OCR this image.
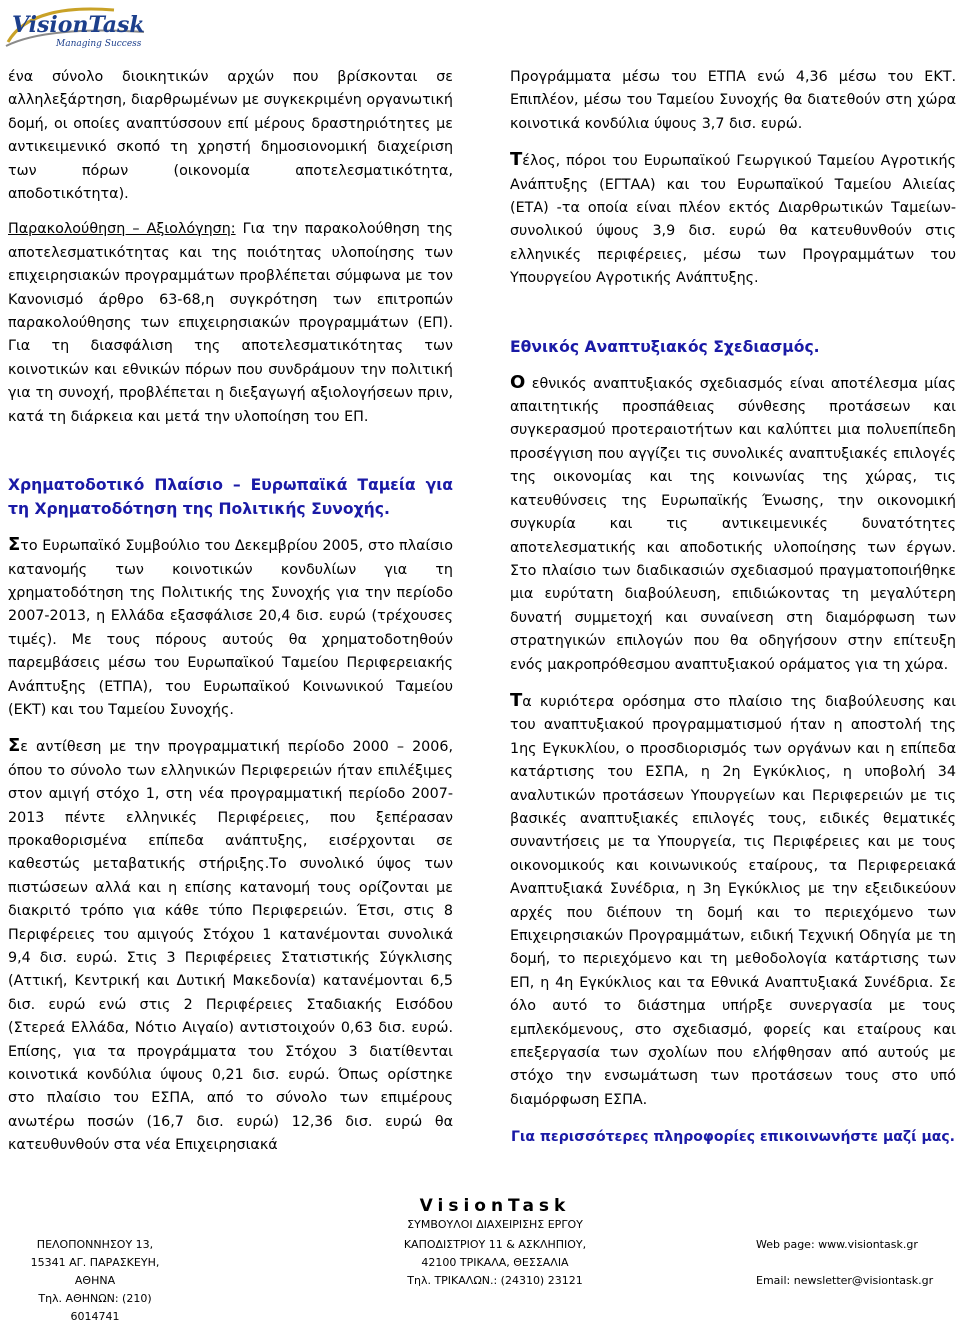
VisionTask
Managing Success

ένα σύνολο διοικητικών αρχών που βρίσκονται σε αλληλεξάρτηση, διαρθρωμένων με συγκεκριμένη οργανωτική δομή, οι οποίες αναπτύσσουν επί μέρους δραστηριότητες με αντικειμενικό σκοπό τη χρηστή δημοσιονομική διαχείριση των πόρων (οικονομία αποτελεσματικότητα, αποδοτικότητα).

Παρακολούθηση – Αξιολόγηση: Για την παρακολούθηση της αποτελεσματικότητας και της ποιότητας υλοποίησης των επιχειρησιακών προγραμμάτων προβλέπεται σύμφωνα με τον Κανονισμό άρθρο 63-68,η συγκρότηση των επιτροπών παρακολούθησης των επιχειρησιακών προγραμμάτων (ΕΠ). Για τη διασφάλιση της αποτελεσματικότητας των κοινοτικών και εθνικών πόρων που συνδράμουν την πολιτική για τη συνοχή, προβλέπεται η διεξαγωγή αξιολογήσεων πριν, κατά τη διάρκεια και μετά την υλοποίηση του ΕΠ.

Χρηματοδοτικό Πλαίσιο – Ευρωπαϊκά Ταμεία για τη Χρηματοδότηση της Πολιτικής Συνοχής.

Στο Ευρωπαϊκό Συμβούλιο του Δεκεμβρίου 2005, στο πλαίσιο κατανομής των κοινοτικών κονδυλίων για τη χρηματοδότηση της Πολιτικής της Συνοχής για την περίοδο 2007-2013, η Ελλάδα εξασφάλισε 20,4 δισ. ευρώ (τρέχουσες τιμές). Με τους πόρους αυτούς θα χρηματοδοτηθούν παρεμβάσεις μέσω του Ευρωπαϊκού Ταμείου Περιφερειακής Ανάπτυξης (ΕΤΠΑ), του Ευρωπαϊκού Κοινωνικού Ταμείου (ΕΚΤ) και του Ταμείου Συνοχής.

Σε αντίθεση με την προγραμματική περίοδο 2000 – 2006, όπου το σύνολο των ελληνικών Περιφερειών ήταν επιλέξιμες στον αμιγή στόχο 1, στη νέα προγραμματική περίοδο 2007-2013 πέντε ελληνικές Περιφέρειες, που ξεπέρασαν προκαθορισμένα επίπεδα ανάπτυξης, εισέρχονται σε καθεστώς μεταβατικής στήριξης.Το συνολικό ύψος των πιστώσεων αλλά και η επίσης κατανομή τους ορίζονται με διακριτό τρόπο για κάθε τύπο Περιφερειών. Έτσι, στις 8 Περιφέρειες του αμιγούς Στόχου 1 κατανέμονται συνολικά 9,4 δισ. ευρώ. Στις 3 Περιφέρειες Στατιστικής Σύγκλισης (Αττική, Κεντρική και Δυτική Μακεδονία) κατανέμονται 6,5 δισ. ευρώ ενώ στις 2 Περιφέρειες Σταδιακής Εισόδου (Στερεά Ελλάδα, Νότιο Αιγαίο) αντιστοιχούν 0,63 δισ. ευρώ. Επίσης, για τα προγράμματα του Στόχου 3 διατίθενται κοινοτικά κονδύλια ύψους 0,21 δισ. ευρώ. Όπως ορίστηκε στο πλαίσιο του ΕΣΠΑ, από το σύνολο των επιμέρους ανωτέρω ποσών (16,7 δισ. ευρώ) 12,36 δισ. ευρώ θα κατευθυνθούν στα νέα Επιχειρησιακά

Προγράμματα μέσω του ΕΤΠΑ ενώ 4,36 μέσω του ΕΚΤ. Επιπλέον, μέσω του Ταμείου Συνοχής θα διατεθούν στη χώρα κοινοτικά κονδύλια ύψους 3,7 δισ. ευρώ.

Τέλος, πόροι του Ευρωπαϊκού Γεωργικού Ταμείου Αγροτικής Ανάπτυξης (ΕΓΤΑΑ) και του Ευρωπαϊκού Ταμείου Αλιείας (ΕΤΑ) -τα οποία είναι πλέον εκτός Διαρθρωτικών Ταμείων- συνολικού ύψους 3,9 δισ. ευρώ θα κατευθυνθούν στις ελληνικές περιφέρειες, μέσω των Προγραμμάτων του Υπουργείου Αγροτικής Ανάπτυξης.

Εθνικός Αναπτυξιακός Σχεδιασμός.

Ο εθνικός αναπτυξιακός σχεδιασμός είναι αποτέλεσμα μίας απαιτητικής προσπάθειας σύνθεσης προτάσεων και συγκερασμού προτεραιοτήτων και καλύπτει μια πολυεπίπεδη προσέγγιση που αγγίζει τις συνολικές αναπτυξιακές επιλογές της οικονομίας και της κοινωνίας της χώρας, τις κατευθύνσεις της Ευρωπαϊκής Ένωσης, την οικονομική συγκυρία και τις αντικειμενικές δυνατότητες αποτελεσματικής και αποδοτικής υλοποίησης των έργων. Στο πλαίσιο των διαδικασιών σχεδιασμού πραγματοποιήθηκε μια ευρύτατη διαβούλευση, επιδιώκοντας τη μεγαλύτερη δυνατή συμμετοχή και συναίνεση στη διαμόρφωση των στρατηγικών επιλογών που θα οδηγήσουν στην επίτευξη ενός μακροπρόθεσμου αναπτυξιακού οράματος για τη χώρα.

Τα κυριότερα ορόσημα στο πλαίσιο της διαβούλευσης και του αναπτυξιακού προγραμματισμού ήταν η αποστολή της 1ης Εγκυκλίου, ο προσδιορισμός των οργάνων και η επίπεδα κατάρτισης του ΕΣΠΑ, η 2η Εγκύκλιος, η υποβολή 34 αναλυτικών προτάσεων Υπουργείων και Περιφερειών με τις βασικές αναπτυξιακές επιλογές τους, ειδικές θεματικές συναντήσεις με τα Υπουργεία, τις Περιφέρειες και με τους οικονομικούς και κοινωνικούς εταίρους, τα Περιφερειακά Αναπτυξιακά Συνέδρια, η 3η Εγκύκλιος με την εξειδικεύουν αρχές που διέπουν τη δομή και το περιεχόμενο των Επιχειρησιακών Προγραμμάτων, ειδική Τεχνική Οδηγία με τη δομή, το περιεχόμενο και τη μεθοδολογία κατάρτισης των ΕΠ, η 4η Εγκύκλιος και τα Εθνικά Αναπτυξιακά Συνέδρια. Σε όλο αυτό το διάστημα υπήρξε συνεργασία με τους εμπλεκόμενους, στο σχεδιασμό, φορείς και εταίρους και επεξεργασία των σχολίων που ελήφθησαν από αυτούς με στόχο την ενσωμάτωση των προτάσεων τους στο υπό διαμόρφωση ΕΣΠΑ.

Για περισσότερες πληροφορίες επικοινωνήστε μαζί μας.
VisionTask
ΣΥΜΒΟΥΛΟΙ ΔΙΑΧΕΙΡΙΣΗΣ ΕΡΓΟΥ
ΠΕΛΟΠΟΝΝΗΣΟΥ 13,
15341 ΑΓ. ΠΑΡΑΣΚΕΥΗ, ΑΘΗΝΑ
Τηλ. ΑΘΗΝΩΝ: (210) 6014741
ΚΑΠΟΔΙΣΤΡΙΟΥ 11 & ΑΣΚΛΗΠΙΟΥ,
42100 ΤΡΙΚΑΛΑ, ΘΕΣΣΑΛΙΑ
Τηλ. ΤΡΙΚΑΛΩΝ.: (24310) 23121
Web page: www.visiontask.gr
Email: newsletter@visiontask.gr
